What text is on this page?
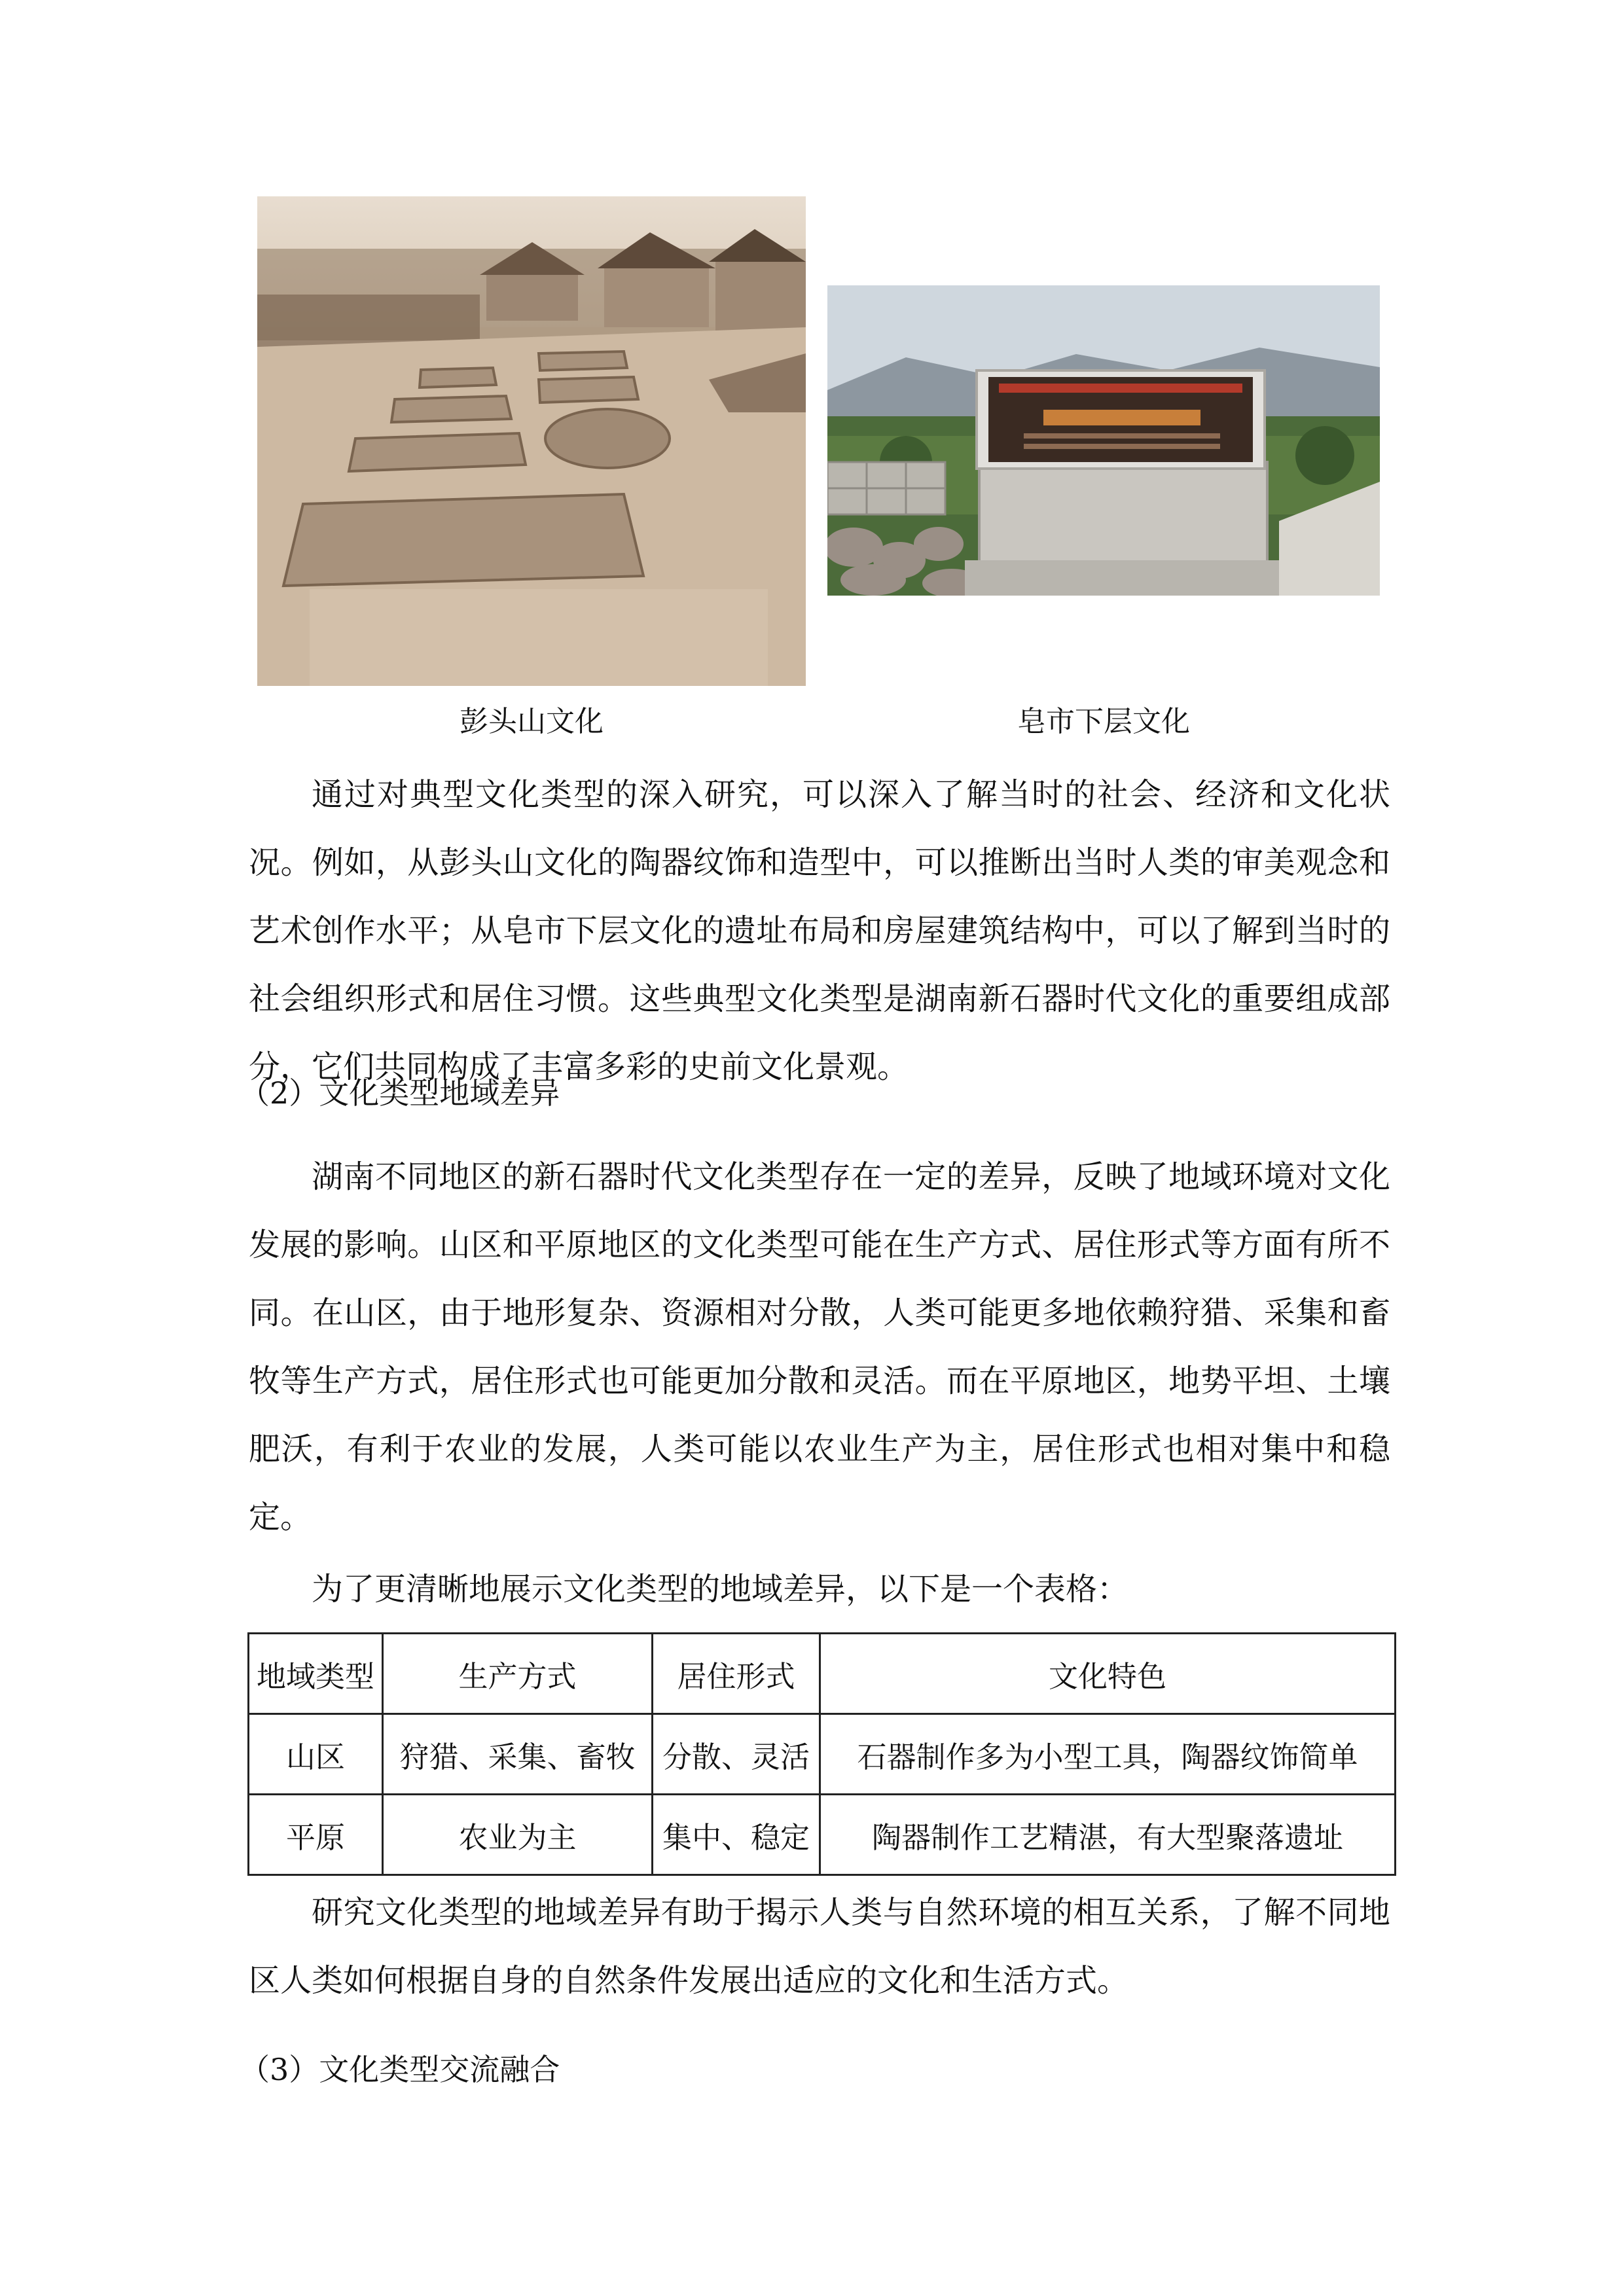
彭头山文化	皂市下层文化

通过对典型文化类型的深入研究，可以深入了解当时的社会、经济和文化状况。例如，从彭头山文化的陶器纹饰和造型中，可以推断出当时人类的审美观念和艺术创作水平；从皂市下层文化的遗址布局和房屋建筑结构中，可以了解到当时的社会组织形式和居住习惯。这些典型文化类型是湖南新石器时代文化的重要组成部分，它们共同构成了丰富多彩的史前文化景观。

（2）文化类型地域差异

湖南不同地区的新石器时代文化类型存在一定的差异，反映了地域环境对文化发展的影响。山区和平原地区的文化类型可能在生产方式、居住形式等方面有所不同。在山区，由于地形复杂、资源相对分散，人类可能更多地依赖狩猎、采集和畜牧等生产方式，居住形式也可能更加分散和灵活。而在平原地区，地势平坦、土壤肥沃，有利于农业的发展，人类可能以农业生产为主，居住形式也相对集中和稳定。

为了更清晰地展示文化类型的地域差异，以下是一个表格：

地域类型	生产方式	居住形式	文化特色
山区	狩猎、采集、畜牧	分散、灵活	石器制作多为小型工具，陶器纹饰简单
平原	农业为主	集中、稳定	陶器制作工艺精湛，有大型聚落遗址

研究文化类型的地域差异有助于揭示人类与自然环境的相互关系，了解不同地区人类如何根据自身的自然条件发展出适应的文化和生活方式。

（3）文化类型交流融合
